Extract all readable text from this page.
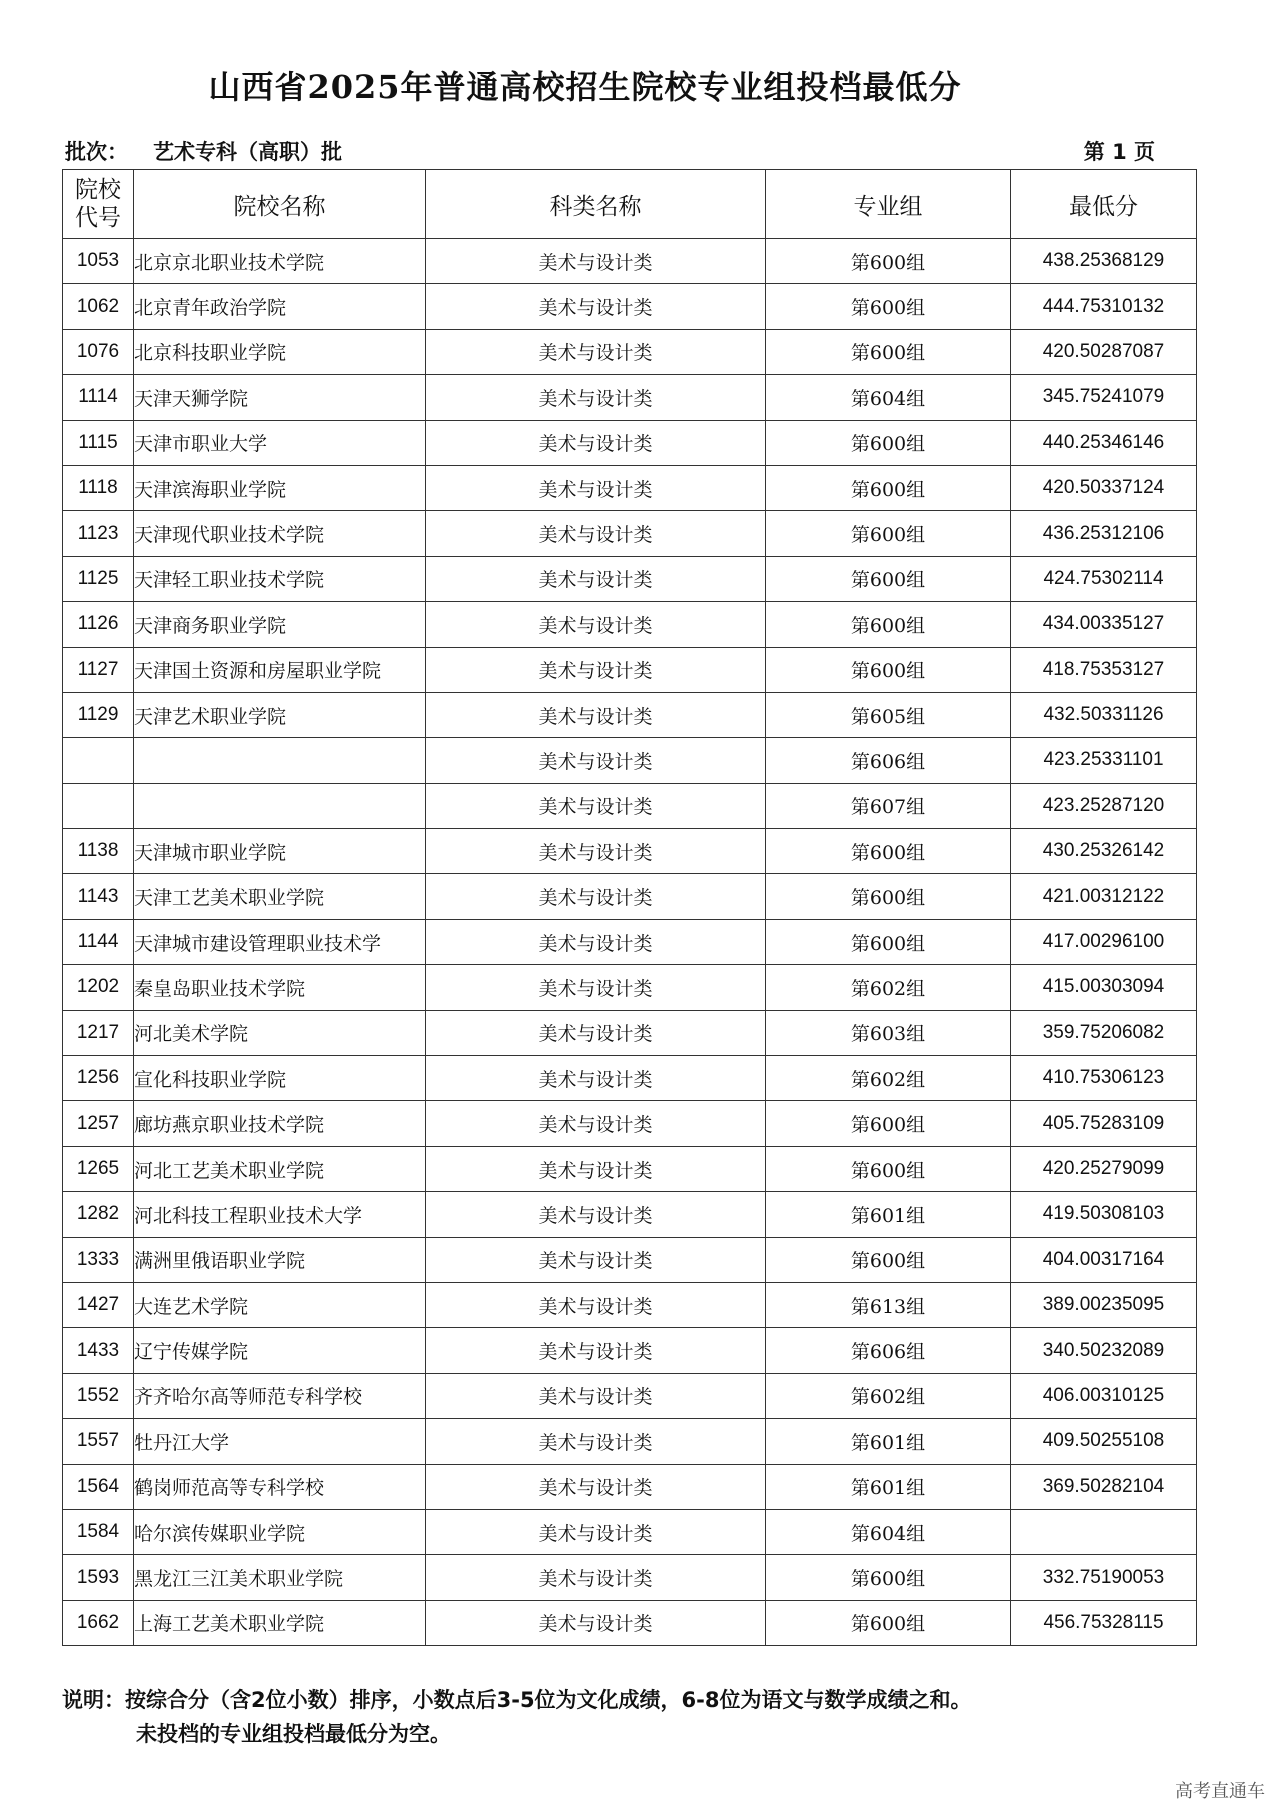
山西省2025年普通高校招生院校专业组投档最低分
批次： 艺术专科（高职）批	第 1 页
院校
代号	院校名称	科类名称	专业组	最低分
1053	北京京北职业技术学院	美术与设计类	第600组	438.25368129
1062	北京青年政治学院	美术与设计类	第600组	444.75310132
1076	北京科技职业学院	美术与设计类	第600组	420.50287087
1114	天津天狮学院	美术与设计类	第604组	345.75241079
1115	天津市职业大学	美术与设计类	第600组	440.25346146
1118	天津滨海职业学院	美术与设计类	第600组	420.50337124
1123	天津现代职业技术学院	美术与设计类	第600组	436.25312106
1125	天津轻工职业技术学院	美术与设计类	第600组	424.75302114
1126	天津商务职业学院	美术与设计类	第600组	434.00335127
1127	天津国土资源和房屋职业学院	美术与设计类	第600组	418.75353127
1129	天津艺术职业学院	美术与设计类	第605组	432.50331126
		美术与设计类	第606组	423.25331101
		美术与设计类	第607组	423.25287120
1138	天津城市职业学院	美术与设计类	第600组	430.25326142
1143	天津工艺美术职业学院	美术与设计类	第600组	421.00312122
1144	天津城市建设管理职业技术学	美术与设计类	第600组	417.00296100
1202	秦皇岛职业技术学院	美术与设计类	第602组	415.00303094
1217	河北美术学院	美术与设计类	第603组	359.75206082
1256	宣化科技职业学院	美术与设计类	第602组	410.75306123
1257	廊坊燕京职业技术学院	美术与设计类	第600组	405.75283109
1265	河北工艺美术职业学院	美术与设计类	第600组	420.25279099
1282	河北科技工程职业技术大学	美术与设计类	第601组	419.50308103
1333	满洲里俄语职业学院	美术与设计类	第600组	404.00317164
1427	大连艺术学院	美术与设计类	第613组	389.00235095
1433	辽宁传媒学院	美术与设计类	第606组	340.50232089
1552	齐齐哈尔高等师范专科学校	美术与设计类	第602组	406.00310125
1557	牡丹江大学	美术与设计类	第601组	409.50255108
1564	鹤岗师范高等专科学校	美术与设计类	第601组	369.50282104
1584	哈尔滨传媒职业学院	美术与设计类	第604组	
1593	黑龙江三江美术职业学院	美术与设计类	第600组	332.75190053
1662	上海工艺美术职业学院	美术与设计类	第600组	456.75328115
说明：按综合分（含2位小数）排序，小数点后3-5位为文化成绩，6-8位为语文与数学成绩之和。
未投档的专业组投档最低分为空。
高考直通车
